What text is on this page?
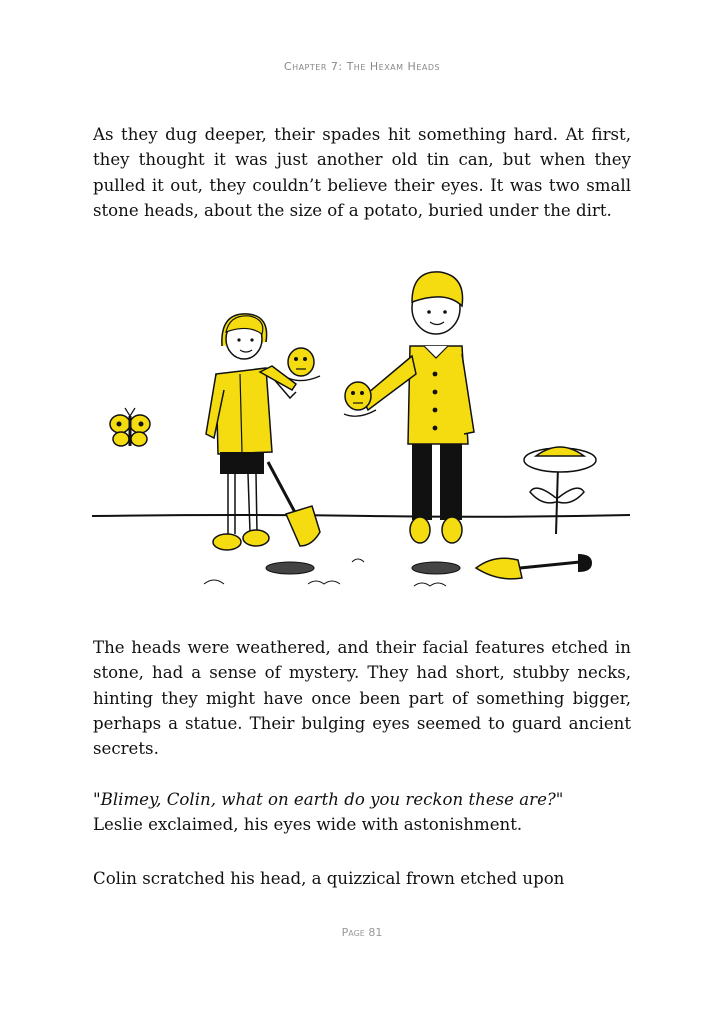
Chapter 7: The Hexam Heads

As they dug deeper, their spades hit something hard. At first, they thought it was just another old tin can, but when they pulled it out, they couldn’t believe their eyes. It was two small stone heads, about the size of a potato, buried under the dirt.

The heads were weathered, and their facial features etched in stone, had a sense of mystery. They had short, stubby necks, hinting they might have once been part of something bigger, perhaps a statue. Their bulging eyes seemed to guard ancient secrets.

"Blimey, Colin, what on earth do you reckon these are?"
Leslie exclaimed, his eyes wide with astonishment.

Colin scratched his head, a quizzical frown etched upon

Page 81
